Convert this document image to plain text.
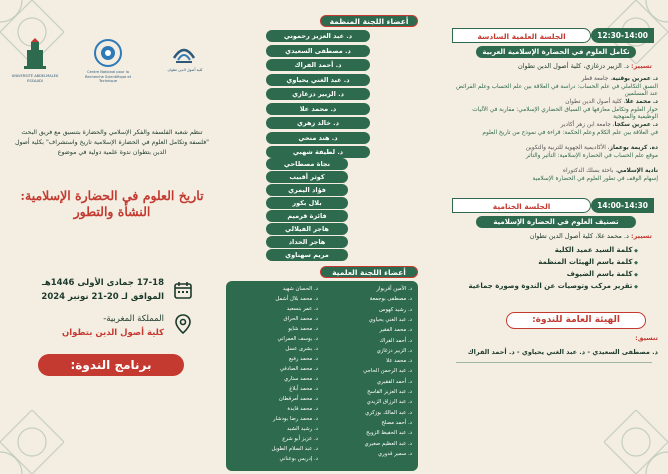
UNIVERSITÉ ABDELMALEK ESSAADI
Centre National pour la Recherche Scientifique et Technique
كلية أصول الدين تطوان
تنظم شعبة الفلسفة والفكر الإسلامي والحضارة بتنسيق مع فريق البحث "فلسفة وتكامل العلوم في الحضارة الإسلامية تاريخ واستشراف" بكلية أصول الدين بتطوان ندوة علمية دولية في موضوع
تاريخ العلوم في الحضارة الإسلامية:
النشأة والتطور
17-18 جمادى الأولى 1446هـ
الموافق لـ 20-21 نونبر 2024
المملكة المغربية-
كلية أصول الدين بتطوان
برنامج الندوة:
أعضاء اللجنة المنظمة
د. عبد العزيز رحموني
د. مصطفى السعيدي
د. أحمد الفراك
د. عبد الغني يحياوي
د. الزبير دزغازي
د. محمد علا
د. خالد زهري
د. هند منحي
د. لطيفة شهبي
نجاة مصطاحي
كوثر أقبيب
فؤاد اليمري
بلال بكور
فائزة قرميم
هاجر الفيلالي
هاجر الحداد
مريم سهناوي
أعضاء اللجنة العلمية
د. الأمين أقريوار
د. مصطفى بوجمعة
د. رشيد كهوس
د. عبد الغني يحياوي
د. محمد الفقير
د. أحمد الفراك
د. الزبير دزغازي
د. محمد علا
د. عبد الرحمن الحاجي
د. أحمد الفقيري
د. عبد العزيز القاسح
د. عبد الرزاق الزيدي
د. عبد المالك بوزكري
د. أحمد مصلح
د. عبد الحفيظ الزويح
د. عبد العظيم صغيري
د. سمير قدوري
د. الحسان شهيد
د. محمد بلال أشمل
د. عمر بنسعيد
د. محمد الحراق
د. محمد شايو
د. يوسف العمراني
د. بشرى عسل
د. محمد رفيع
د. محمد الصادقي
د. محمد ستاري
د. محمد أبلاغ
د. محمد أمرقطان
د. محمد قايدة
د. محمد رضا بودشار
د. رشيد الشيد
د. عزيز أبو شرع
د. عبد السلام الطويل
د. إدريس بوعناني
12:30-14:00
الجلسة العلمية السادسة
تكامل العلوم في الحضارة الإسلامية العربية
تسيير: د. الزبير دزغازي، كلية أصول الدين تطوان
د. عمرين بوقنية، جامعة قطر
النسق التكاملي في علم الحساب: دراسة في العلاقة بين علم الحساب وعلم الفرائض عند المسلمين
د. محمد علا، كلية أصول الدين تطوان
حوار العلوم وتكامل معارفها في السياق الحضاري الإسلامي: مقاربة في الآليات الوظيفية والمنهجية
د. عمرين سكجا، جامعة ابن زهر أكادير
في العلاقة بين علم الكلام وعلم الحكمة: قراءة في نموذج من تاريخ العلوم
دة. كريمة بوعماز، الأكاديمية الجهوية للتربية والتكوين
موقع علم الحساب في الحضارة الإسلامية: التأثير والتأثر
نادية الإسلامي، باحثة بسلك الدكتوراه
إسهام الوقف في تطور العلوم في الحضارة الإسلامية
14:00-14:30
الجلسة الختامية
تصنيف العلوم في الحضارة الإسلامية
تسيير: د. محمد علا، كلية أصول الدين تطوان
◆ كلمة السيد عميد الكلية
◆ كلمة باسم الهيئات المنظمة
◆ كلمة باسم الضيوف
◆ تقرير مركب وتوصيات عن الندوة وصورة جماعية
الهيئة العامة للندوة:
تنسيق:
د. مصطفى السعيدي - د. عبد الغني يحياوي - د. أحمد الفراك
